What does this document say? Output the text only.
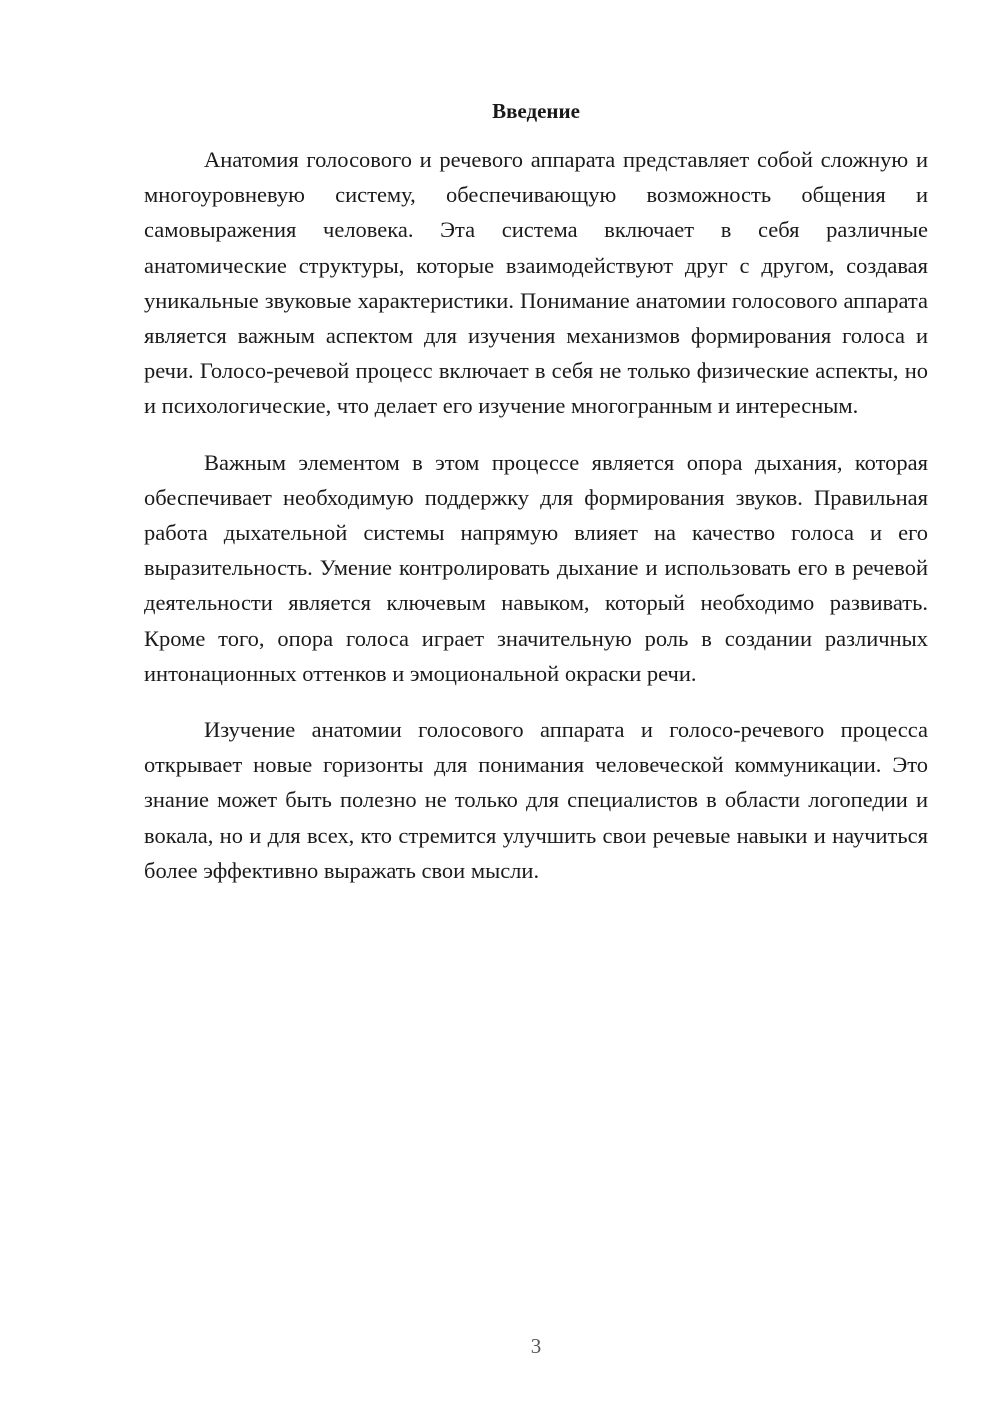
Введение

Анатомия голосового и речевого аппарата представляет собой сложную и многоуровневую систему, обеспечивающую возможность общения и самовыражения человека. Эта система включает в себя различные анатомические структуры, которые взаимодействуют друг с другом, создавая уникальные звуковые характеристики. Понимание анатомии голосового аппарата является важным аспектом для изучения механизмов формирования голоса и речи. Голосо-речевой процесс включает в себя не только физические аспекты, но и психологические, что делает его изучение многогранным и интересным.

Важным элементом в этом процессе является опора дыхания, которая обеспечивает необходимую поддержку для формирования звуков. Правильная работа дыхательной системы напрямую влияет на качество голоса и его выразительность. Умение контролировать дыхание и использовать его в речевой деятельности является ключевым навыком, который необходимо развивать. Кроме того, опора голоса играет значительную роль в создании различных интонационных оттенков и эмоциональной окраски речи.

Изучение анатомии голосового аппарата и голосо-речевого процесса открывает новые горизонты для понимания человеческой коммуникации. Это знание может быть полезно не только для специалистов в области логопедии и вокала, но и для всех, кто стремится улучшить свои речевые навыки и научиться более эффективно выражать свои мысли.

3
